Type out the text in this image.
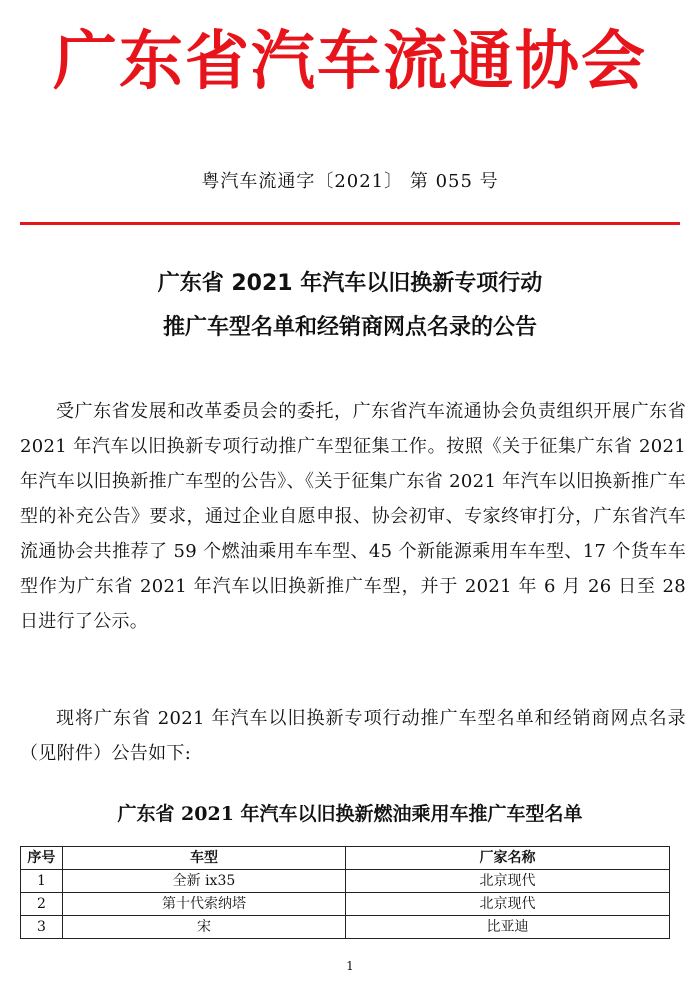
广东省汽车流通协会
粤汽车流通字〔2021〕 第 055 号
广东省 2021 年汽车以旧换新专项行动
推广车型名单和经销商网点名录的公告
受广东省发展和改革委员会的委托，广东省汽车流通协会负责组织开展广东省 2021 年汽车以旧换新专项行动推广车型征集工作。按照《关于征集广东省 2021 年汽车以旧换新推广车型的公告》、《关于征集广东省 2021 年汽车以旧换新推广车型的补充公告》要求，通过企业自愿申报、协会初审、专家终审打分，广东省汽车流通协会共推荐了 59 个燃油乘用车车型、45 个新能源乘用车车型、17 个货车车型作为广东省 2021 年汽车以旧换新推广车型，并于 2021 年 6 月 26 日至 28 日进行了公示。
现将广东省 2021 年汽车以旧换新专项行动推广车型名单和经销商网点名录（见附件）公告如下:
广东省 2021 年汽车以旧换新燃油乘用车推广车型名单
序号	车型	厂家名称
1	全新 ix35	北京现代
2	第十代索纳塔	北京现代
3	宋	比亚迪
1
